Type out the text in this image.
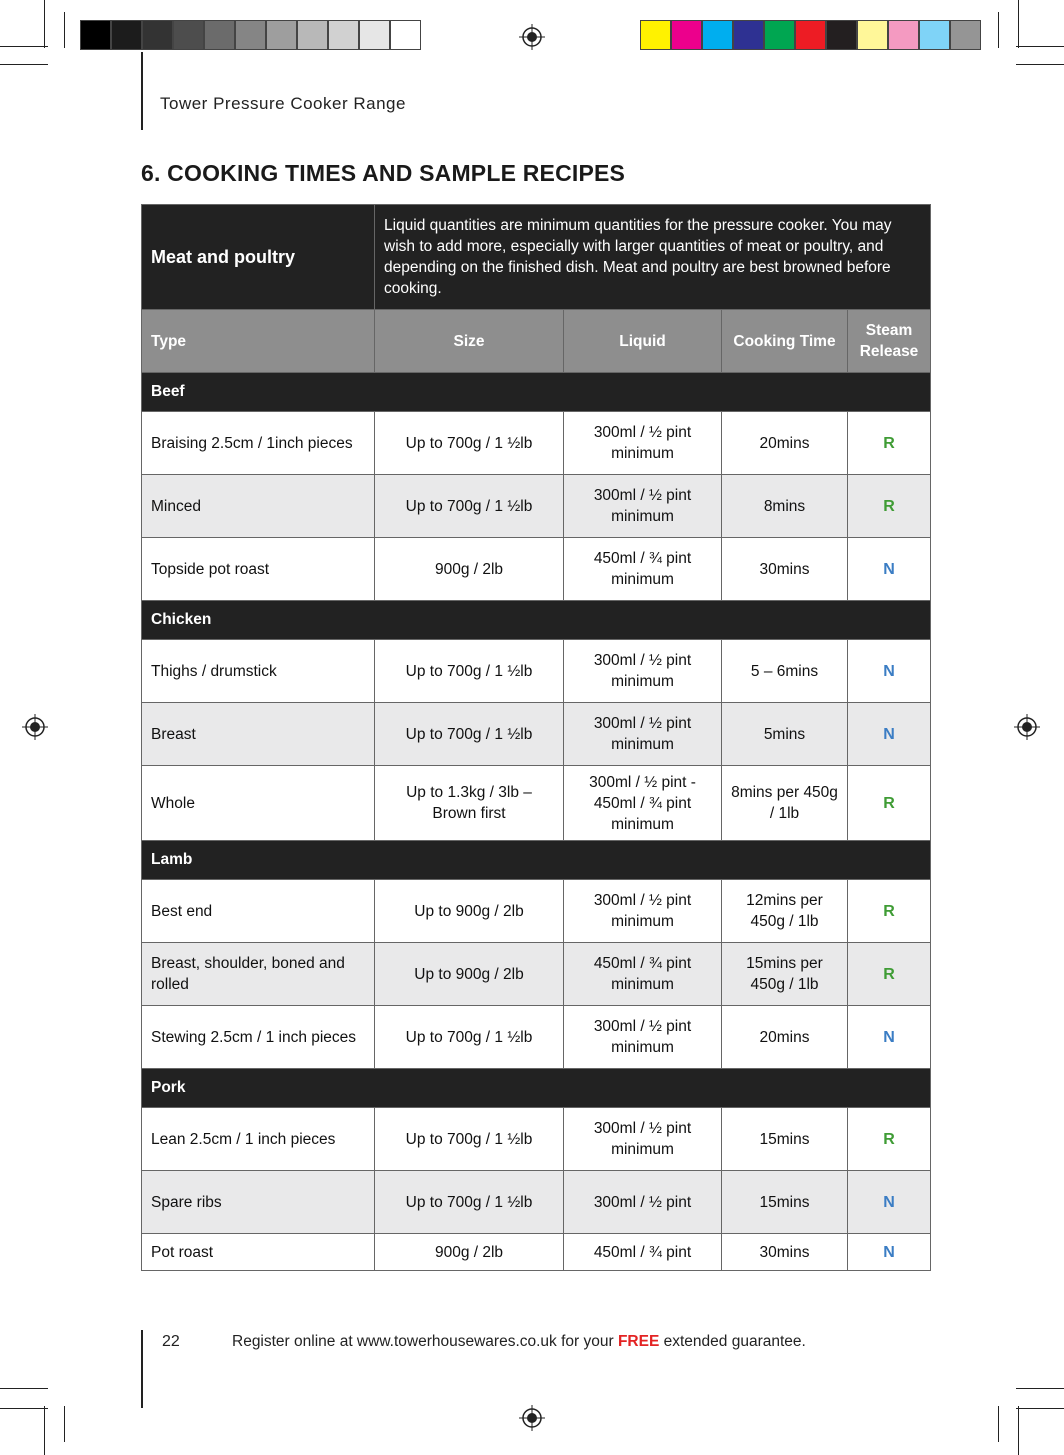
Tower Pressure Cooker Range
6. COOKING TIMES AND SAMPLE RECIPES
Meat and poultry	Liquid quantities are minimum quantities for the pressure cooker. You may wish to add more, especially with larger quantities of meat or poultry, and depending on the finished dish. Meat and poultry are best browned before cooking.			
Type	Size	Liquid	Cooking Time	Steam Release
Beef				
Braising 2.5cm / 1inch pieces	Up to 700g / 1 ½lb	300ml / ½ pint minimum	20mins	R
Minced	Up to 700g / 1 ½lb	300ml / ½ pint minimum	8mins	R
Topside pot roast	900g / 2lb	450ml / ¾ pint minimum	30mins	N
Chicken				
Thighs / drumstick	Up to 700g / 1 ½lb	300ml / ½ pint minimum	5 – 6mins	N
Breast	Up to 700g / 1 ½lb	300ml / ½ pint minimum	5mins	N
Whole	Up to 1.3kg / 3lb – Brown first	300ml / ½ pint - 450ml / ¾ pint minimum	8mins per 450g / 1lb	R
Lamb				
Best end	Up to 900g / 2lb	300ml / ½ pint minimum	12mins per 450g / 1lb	R
Breast, shoulder, boned and rolled	Up to 900g / 2lb	450ml / ¾ pint minimum	15mins per 450g / 1lb	R
Stewing 2.5cm / 1 inch pieces	Up to 700g / 1 ½lb	300ml / ½ pint minimum	20mins	N
Pork				
Lean 2.5cm / 1 inch pieces	Up to 700g / 1 ½lb	300ml / ½ pint minimum	15mins	R
Spare ribs	Up to 700g / 1 ½lb	300ml / ½ pint	15mins	N
Pot roast	900g / 2lb	450ml / ¾ pint	30mins	N
22	Register online at www.towerhousewares.co.uk for your FREE extended guarantee.
